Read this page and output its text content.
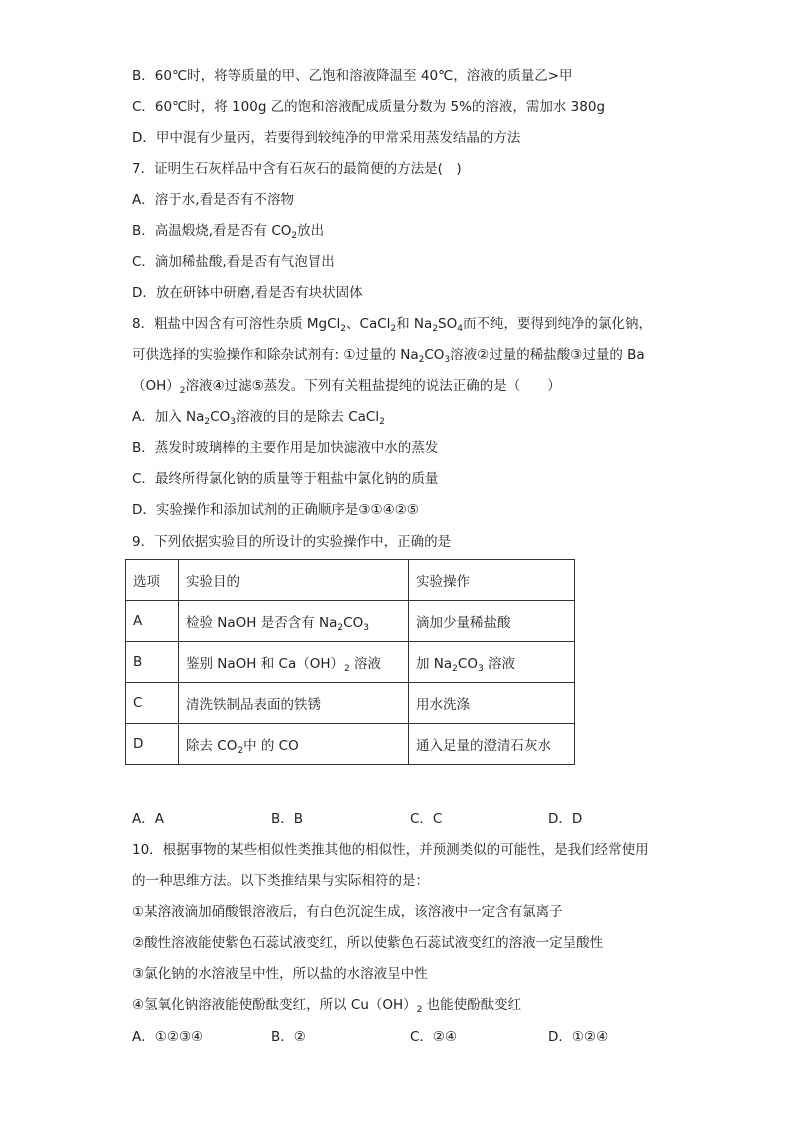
B．60℃时，将等质量的甲、乙饱和溶液降温至 40℃，溶液的质量乙>甲
C．60℃时，将 100g 乙的饱和溶液配成质量分数为 5%的溶液，需加水 380g
D．甲中混有少量丙，若要得到较纯净的甲常采用蒸发结晶的方法
7．证明生石灰样品中含有石灰石的最简便的方法是(　)
A．溶于水,看是否有不溶物
B．高温煅烧,看是否有 $CO_2$放出
C．滴加稀盐酸,看是否有气泡冒出
D．放在研钵中研磨,看是否有块状固体
8．粗盐中因含有可溶性杂质 MgCl$_2$、CaCl$_2$和 $Na_2SO_4$而不纯，要得到纯净的氯化钠，
可供选择的实验操作和除杂试剂有: ①过量的 $Na_2CO_3$溶液②过量的稀盐酸③过量的 Ba
$(OH)_2$溶液④过滤⑤蒸发。下列有关粗盐提纯的说法正确的是（　　）
A．加入 $Na_2CO_3$溶液的目的是除去 CaCl$_2$
B．蒸发时玻璃棒的主要作用是加快滤液中水的蒸发
C．最终所得氯化钠的质量等于粗盐中氯化钠的质量
D．实验操作和添加试剂的正确顺序是③①④②⑤
9．下列依据实验目的所设计的实验操作中，正确的是
选项	实验目的	实验操作
A	检验 NaOH 是否含有 $Na_2CO_3$	滴加少量稀盐酸
B	鉴别 NaOH 和 $Ca(OH)_2$ 溶液	加 $Na_2CO_3$ 溶液
C	清洗铁制品表面的铁锈	用水洗涤
D	除去 $CO_2$中 的 CO	通入足量的澄清石灰水
A．A	B．B	C．C	D．D
10．根据事物的某些相似性类推其他的相似性，并预测类似的可能性，是我们经常使用
的一种思维方法。以下类推结果与实际相符的是：
①某溶液滴加硝酸银溶液后，有白色沉淀生成，该溶液中一定含有氯离子
②酸性溶液能使紫色石蕊试液变红，所以使紫色石蕊试液变红的溶液一定呈酸性
③氯化钠的水溶液呈中性，所以盐的水溶液呈中性
④氢氧化钠溶液能使酚酞变红，所以 $Cu(OH)_2$ 也能使酚酞变红
A．①②③④	B．②	C．②④	D．①②④
